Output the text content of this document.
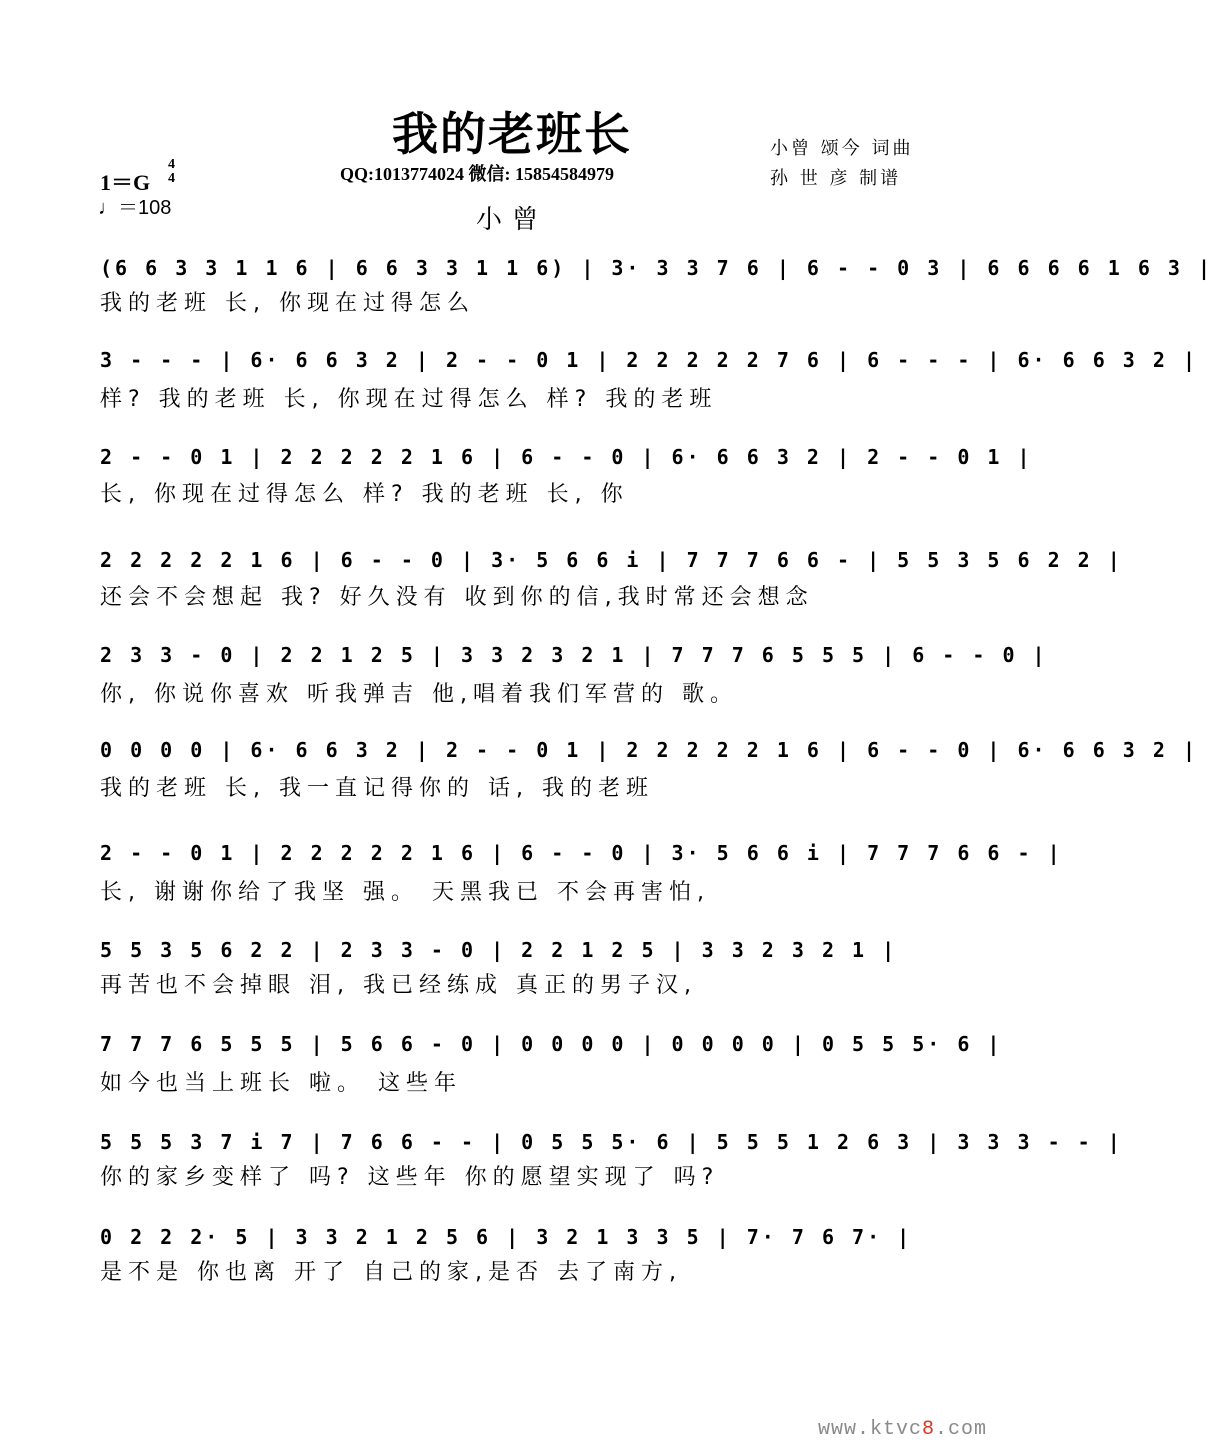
我的老班长	小曾 颂今 词曲
孙 世 彦 制谱
1＝G
4
4
♩＝108
QQ:1013774024 微信: 15854584979
小曾
(6 6 3 3 1 1 6 | 6 6 3 3 1 1 6) | 3· 3 3 7 6 | 6 - - 0 3 | 6 6 6 6 1 6 3 |
我的老班 长, 你现在过得怎么
3 - - - | 6· 6 6 3 2 | 2 - - 0 1 | 2 2 2 2 2 7 6 | 6 - - - | 6· 6 6 3 2 |
样? 我的老班 长, 你现在过得怎么 样? 我的老班
2 - - 0 1 | 2 2 2 2 2 1 6 | 6 - - 0 | 6· 6 6 3 2 | 2 - - 0 1 |
长, 你现在过得怎么 样? 我的老班 长, 你
2 2 2 2 2 1 6 | 6 - - 0 | 3· 5 6 6 i | 7 7 7 6 6 - | 5 5 3 5 6 2 2 |
还会不会想起 我? 好久没有 收到你的信,我时常还会想念
2 3 3 - 0 | 2 2 1 2 5 | 3 3 2 3 2 1 | 7 7 7 6 5 5 5 | 6 - - 0 |
你, 你说你喜欢 听我弹吉 他,唱着我们军营的 歌。
0 0 0 0 | 6· 6 6 3 2 | 2 - - 0 1 | 2 2 2 2 2 1 6 | 6 - - 0 | 6· 6 6 3 2 |
我的老班 长, 我一直记得你的 话, 我的老班
2 - - 0 1 | 2 2 2 2 2 1 6 | 6 - - 0 | 3· 5 6 6 i | 7 7 7 6 6 - |
长, 谢谢你给了我坚 强。 天黑我已 不会再害怕,
5 5 3 5 6 2 2 | 2 3 3 - 0 | 2 2 1 2 5 | 3 3 2 3 2 1 |
再苦也不会掉眼 泪, 我已经练成 真正的男子汉,
7 7 7 6 5 5 5 | 5 6 6 - 0 | 0 0 0 0 | 0 0 0 0 | 0 5 5 5· 6 |
如今也当上班长 啦。 这些年
5 5 5 3 7 i 7 | 7 6 6 - - | 0 5 5 5· 6 | 5 5 5 1 2 6 3 | 3 3 3 - - |
你的家乡变样了 吗? 这些年 你的愿望实现了 吗?
0 2 2 2· 5 | 3 3 2 1 2 5 6 | 3 2 1 3 3 5 | 7· 7 6 7· |
是不是 你也离 开了 自己的家,是否 去了南方,
www.ktvc8.com
